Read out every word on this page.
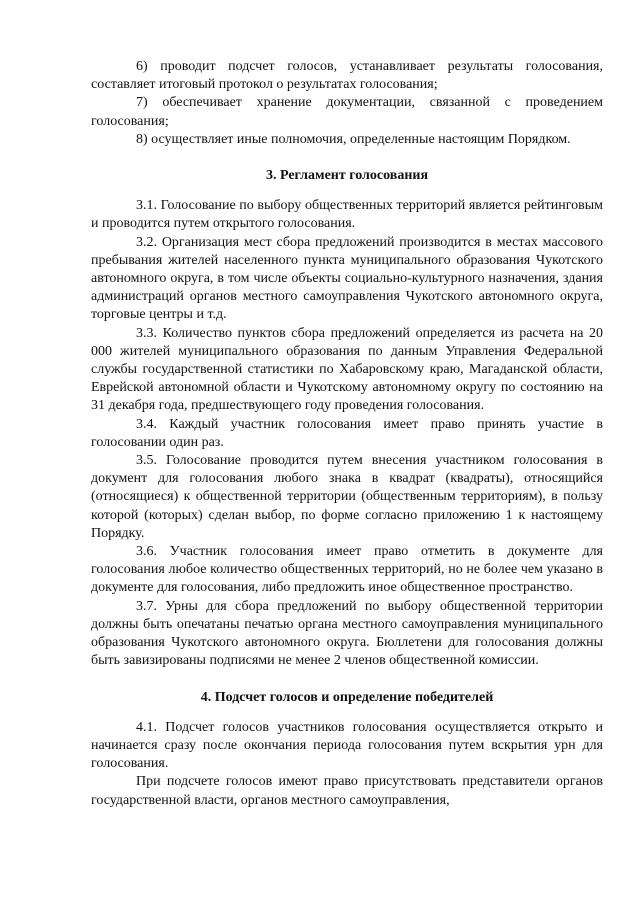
6) проводит подсчет голосов, устанавливает результаты голосования, составляет итоговый протокол о результатах голосования;

7) обеспечивает хранение документации, связанной с проведением голосования;

8) осуществляет иные полномочия, определенные настоящим Порядком.

3. Регламент голосования

3.1. Голосование по выбору общественных территорий является рейтинговым и проводится путем открытого голосования.

3.2. Организация мест сбора предложений производится в местах массового пребывания жителей населенного пункта муниципального образования Чукотского автономного округа, в том числе объекты социально-культурного назначения, здания администраций органов местного самоуправления Чукотского автономного округа, торговые центры и т.д.

3.3. Количество пунктов сбора предложений определяется из расчета на 20 000 жителей муниципального образования по данным Управления Федеральной службы государственной статистики по Хабаровскому краю, Магаданской области, Еврейской автономной области и Чукотскому автономному округу по состоянию на 31 декабря года, предшествующего году проведения голосования.

3.4. Каждый участник голосования имеет право принять участие в голосовании один раз.

3.5. Голосование проводится путем внесения участником голосования в документ для голосования любого знака в квадрат (квадраты), относящийся (относящиеся) к общественной территории (общественным территориям), в пользу которой (которых) сделан выбор, по форме согласно приложению 1 к настоящему Порядку.

3.6. Участник голосования имеет право отметить в документе для голосования любое количество общественных территорий, но не более чем указано в документе для голосования, либо предложить иное общественное пространство.

3.7. Урны для сбора предложений по выбору общественной территории должны быть опечатаны печатью органа местного самоуправления муниципального образования Чукотского автономного округа. Бюллетени для голосования должны быть завизированы подписями не менее 2 членов общественной комиссии.

4. Подсчет голосов и определение победителей

4.1. Подсчет голосов участников голосования осуществляется открыто и начинается сразу после окончания периода голосования путем вскрытия урн для голосования.

При подсчете голосов имеют право присутствовать представители органов государственной власти, органов местного самоуправления,
